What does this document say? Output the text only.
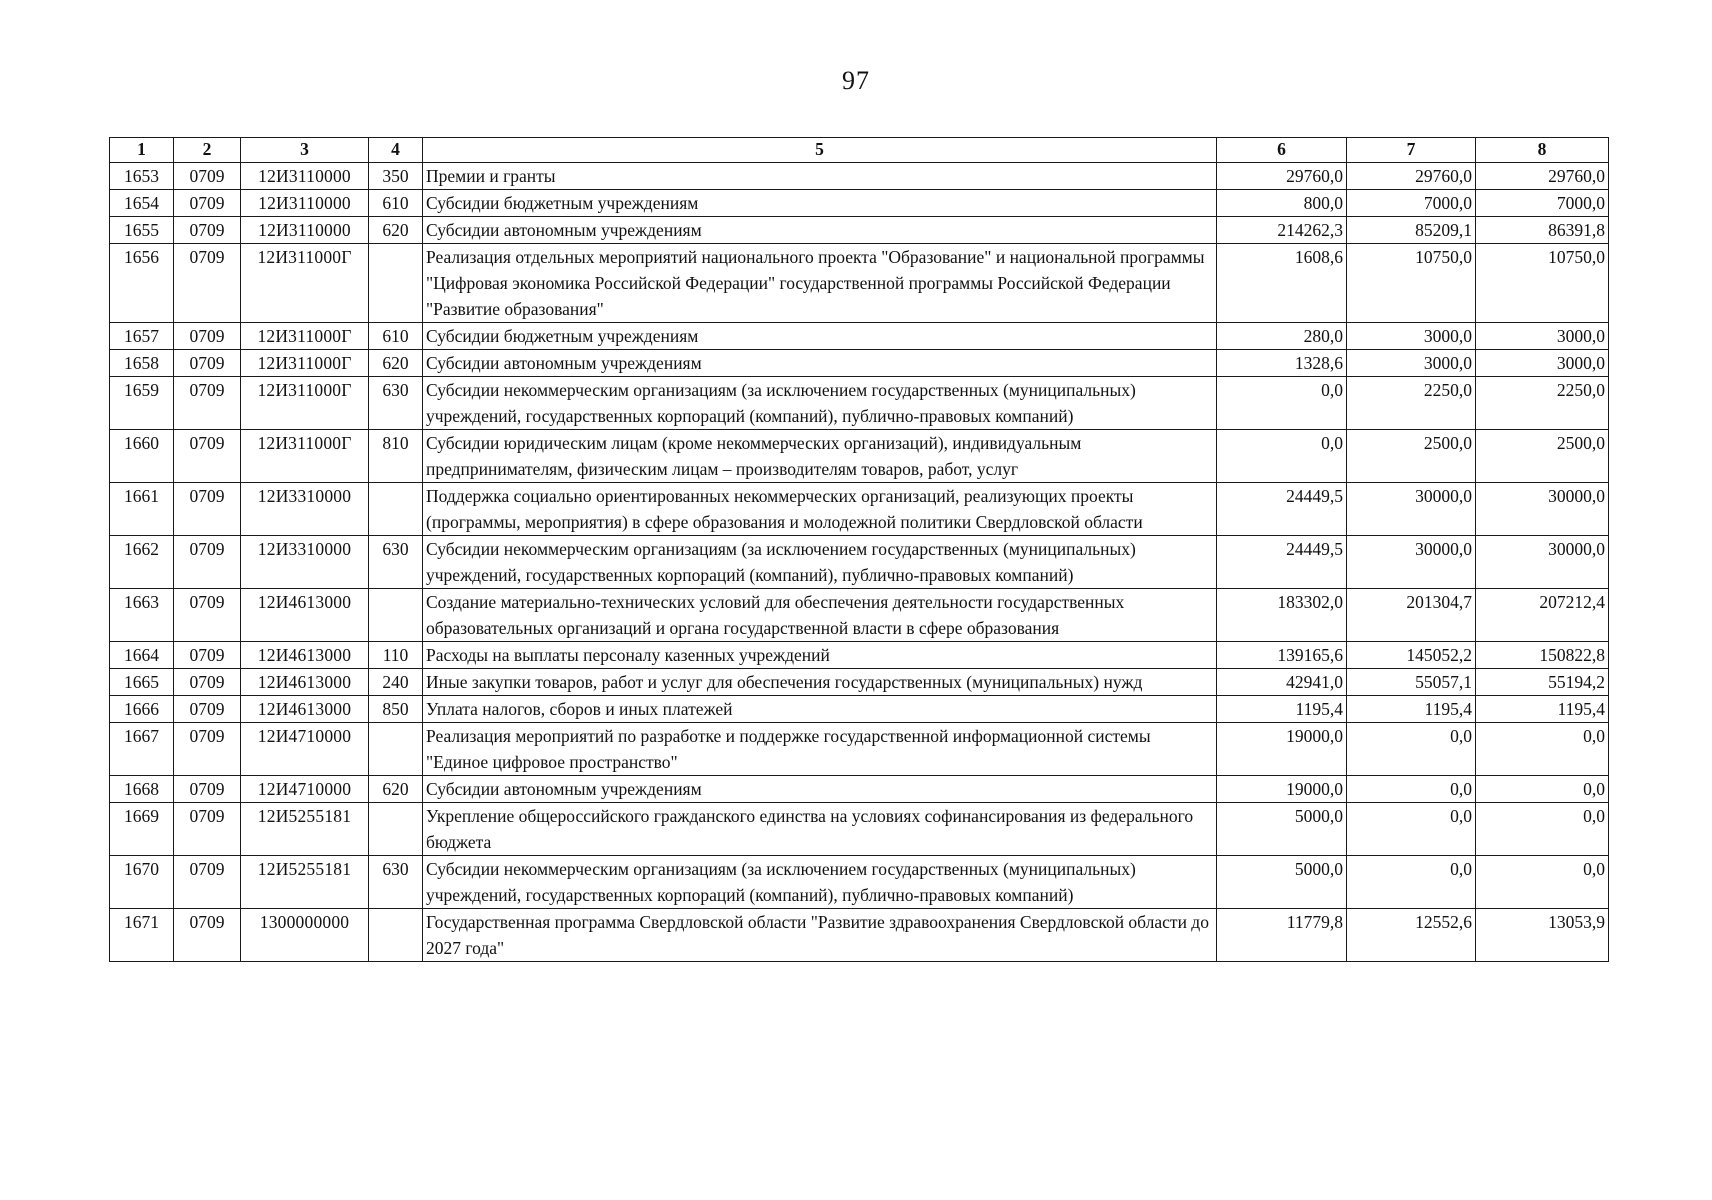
97
1	2	3	4	5	6	7	8
1653	0709	12И3110000	350	Премии и гранты	29760,0	29760,0	29760,0
1654	0709	12И3110000	610	Субсидии бюджетным учреждениям	800,0	7000,0	7000,0
1655	0709	12И3110000	620	Субсидии автономным учреждениям	214262,3	85209,1	86391,8
1656	0709	12И311000Г		Реализация отдельных мероприятий национального проекта "Образование" и национальной программы "Цифровая экономика Российской Федерации" государственной программы Российской Федерации "Развитие образования"	1608,6	10750,0	10750,0
1657	0709	12И311000Г	610	Субсидии бюджетным учреждениям	280,0	3000,0	3000,0
1658	0709	12И311000Г	620	Субсидии автономным учреждениям	1328,6	3000,0	3000,0
1659	0709	12И311000Г	630	Субсидии некоммерческим организациям (за исключением государственных (муниципальных) учреждений, государственных корпораций (компаний), публично-правовых компаний)	0,0	2250,0	2250,0
1660	0709	12И311000Г	810	Субсидии юридическим лицам (кроме некоммерческих организаций), индивидуальным предпринимателям, физическим лицам – производителям товаров, работ, услуг	0,0	2500,0	2500,0
1661	0709	12И3310000		Поддержка социально ориентированных некоммерческих организаций, реализующих проекты (программы, мероприятия) в сфере образования и молодежной политики Свердловской области	24449,5	30000,0	30000,0
1662	0709	12И3310000	630	Субсидии некоммерческим организациям (за исключением государственных (муниципальных) учреждений, государственных корпораций (компаний), публично-правовых компаний)	24449,5	30000,0	30000,0
1663	0709	12И4613000		Создание материально-технических условий для обеспечения деятельности государственных образовательных организаций и органа государственной власти в сфере образования	183302,0	201304,7	207212,4
1664	0709	12И4613000	110	Расходы на выплаты персоналу казенных учреждений	139165,6	145052,2	150822,8
1665	0709	12И4613000	240	Иные закупки товаров, работ и услуг для обеспечения государственных (муниципальных) нужд	42941,0	55057,1	55194,2
1666	0709	12И4613000	850	Уплата налогов, сборов и иных платежей	1195,4	1195,4	1195,4
1667	0709	12И4710000		Реализация мероприятий по разработке и поддержке государственной информационной системы "Единое цифровое пространство"	19000,0	0,0	0,0
1668	0709	12И4710000	620	Субсидии автономным учреждениям	19000,0	0,0	0,0
1669	0709	12И5255181		Укрепление общероссийского гражданского единства на условиях софинансирования из федерального бюджета	5000,0	0,0	0,0
1670	0709	12И5255181	630	Субсидии некоммерческим организациям (за исключением государственных (муниципальных) учреждений, государственных корпораций (компаний), публично-правовых компаний)	5000,0	0,0	0,0
1671	0709	1300000000		Государственная программа Свердловской области "Развитие здравоохранения Свердловской области до 2027 года"	11779,8	12552,6	13053,9
